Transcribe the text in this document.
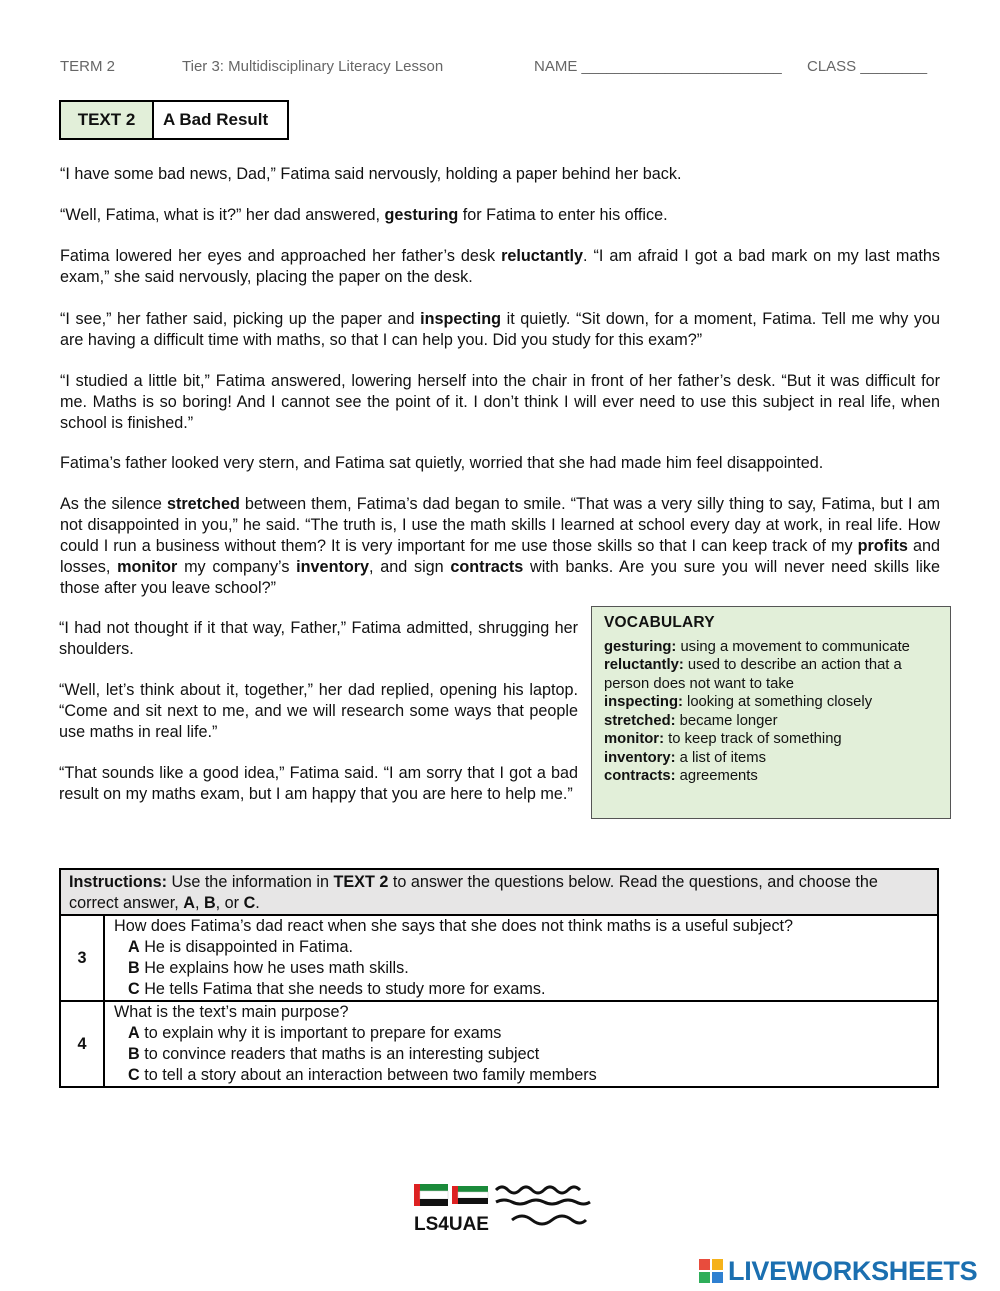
TERM 2	Tier 3: Multidisciplinary Literacy Lesson	NAME ________________________ CLASS ________
TEXT 2	A Bad Result

“I have some bad news, Dad,” Fatima said nervously, holding a paper behind her back.

“Well, Fatima, what is it?” her dad answered, gesturing for Fatima to enter his office.

Fatima lowered her eyes and approached her father’s desk reluctantly. “I am afraid I got a bad mark on my last maths exam,” she said nervously, placing the paper on the desk.

“I see,” her father said, picking up the paper and inspecting it quietly. “Sit down, for a moment, Fatima. Tell me why you are having a difficult time with maths, so that I can help you. Did you study for this exam?”

“I studied a little bit,” Fatima answered, lowering herself into the chair in front of her father’s desk. “But it was difficult for me. Maths is so boring! And I cannot see the point of it. I don’t think I will ever need to use this subject in real life, when school is finished.”

Fatima’s father looked very stern, and Fatima sat quietly, worried that she had made him feel disappointed.

As the silence stretched between them, Fatima’s dad began to smile. “That was a very silly thing to say, Fatima, but I am not disappointed in you,” he said. “The truth is, I use the math skills I learned at school every day at work, in real life. How could I run a business without them? It is very important for me use those skills so that I can keep track of my profits and losses, monitor my company’s inventory, and sign contracts with banks. Are you sure you will never need skills like those after you leave school?”

“I had not thought if it that way, Father,” Fatima admitted, shrugging her shoulders.

“Well, let’s think about it, together,” her dad replied, opening his laptop. “Come and sit next to me, and we will research some ways that people use maths in real life.”

“That sounds like a good idea,” Fatima said. “I am sorry that I got a bad result on my maths exam, but I am happy that you are here to help me.”

VOCABULARY
gesturing: using a movement to communicate
reluctantly: used to describe an action that a person does not want to take
inspecting: looking at something closely
stretched: became longer
monitor: to keep track of something
inventory: a list of items
contracts: agreements
Instructions: Use the information in TEXT 2 to answer the questions below. Read the questions, and choose the correct answer, A, B, or C.
3
How does Fatima’s dad react when she says that she does not think maths is a useful subject?
A He is disappointed in Fatima.
B He explains how he uses math skills.
C He tells Fatima that she needs to study more for exams.
4
What is the text’s main purpose?
A to explain why it is important to prepare for exams
B to convince readers that maths is an interesting subject
C to tell a story about an interaction between two family members
LS4UAE
LIVEWORKSHEETS
